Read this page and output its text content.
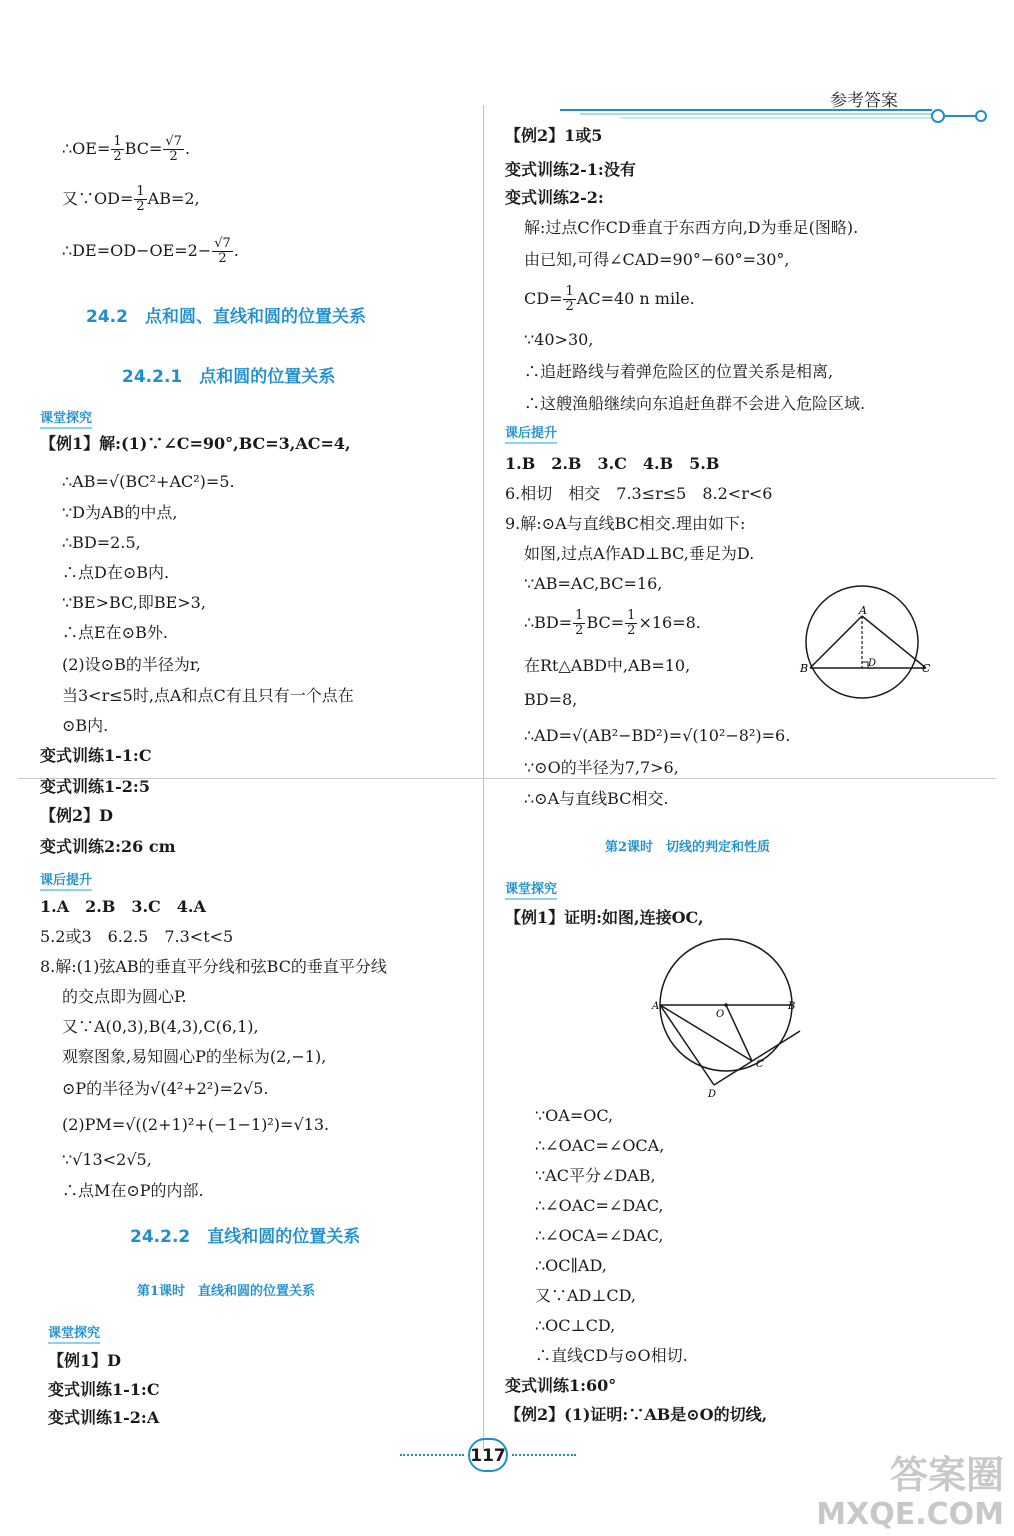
参考答案
∴OE= $\frac{1}{2} BC= \frac{√7}{2}$ .
又∵OD= $\frac{1}{2} AB=2$,
∴DE=OD−OE=2− $\frac{√7}{2}$ .
24.2　点和圆、直线和圆的位置关系
24.2.1　点和圆的位置关系
课堂探究
【例1】解:(1)∵∠C=90°,BC=3,AC=4,
∴AB=√(BC²+AC²)=5.
∵D为AB的中点,
∴BD=2.5,
∴点D在⊙B内.
∵BE>BC,即BE>3,
∴点E在⊙B外.
(2)设⊙B的半径为r,
当3<r≤5时,点A和点C有且只有一个点在
⊙B内.
变式训练1-1:C
变式训练1-2:5
【例2】D
变式训练2:26 cm
课后提升
1.A　2.B　3.C　4.A
5.2或3　6.2.5　7.3<t<5
8.解:(1)弦AB的垂直平分线和弦BC的垂直平分线
的交点即为圆心P.
又∵A(0,3),B(4,3),C(6,1),
观察图象,易知圆心P的坐标为(2,−1),
⊙P的半径为√(4²+2²)=2√5.
(2)PM=√((2+1)²+(−1−1)²)=√13.
∵√13<2√5,
∴点M在⊙P的内部.
24.2.2　直线和圆的位置关系
第1课时　直线和圆的位置关系
课堂探究
【例1】D
变式训练1-1:C
变式训练1-2:A
【例2】1或5
变式训练2-1:没有
变式训练2-2:
解:过点C作CD垂直于东西方向,D为垂足(图略).
由已知,可得∠CAD=90°−60°=30°,
$CD= \frac{1}{2} AC=40$ n mile.
∵40>30,
∴追赶路线与着弹危险区的位置关系是相离,
∴这艘渔船继续向东追赶鱼群不会进入危险区域.
课后提升
1.B　2.B　3.C　4.B　5.B
6.相切　相交　7.3≤r≤5　8.2<r<6
9.解:⊙A与直线BC相交.理由如下:
如图,过点A作AD⊥BC,垂足为D.
∵AB=AC,BC=16,
∴BD= $\frac{1}{2} BC= \frac{1}{2} \times 16=8$.
在Rt△ABD中,AB=10,
BD=8,
∴AD=√(AB²−BD²)=√(10²−8²)=6.
∵⊙O的半径为7,7>6,
∴⊙A与直线BC相交.
A
B	C
D
第2课时　切线的判定和性质
课堂探究
【例1】证明:如图,连接OC,
A	B
O
C
D
∵OA=OC,
∴∠OAC=∠OCA,
∵AC平分∠DAB,
∴∠OAC=∠DAC,
∴∠OCA=∠DAC,
∴OC∥AD,
又∵AD⊥CD,
∴OC⊥CD,
∴直线CD与⊙O相切.
变式训练1:60°
【例2】(1)证明:∵AB是⊙O的切线,
117	答案圈
MXQE.COM
